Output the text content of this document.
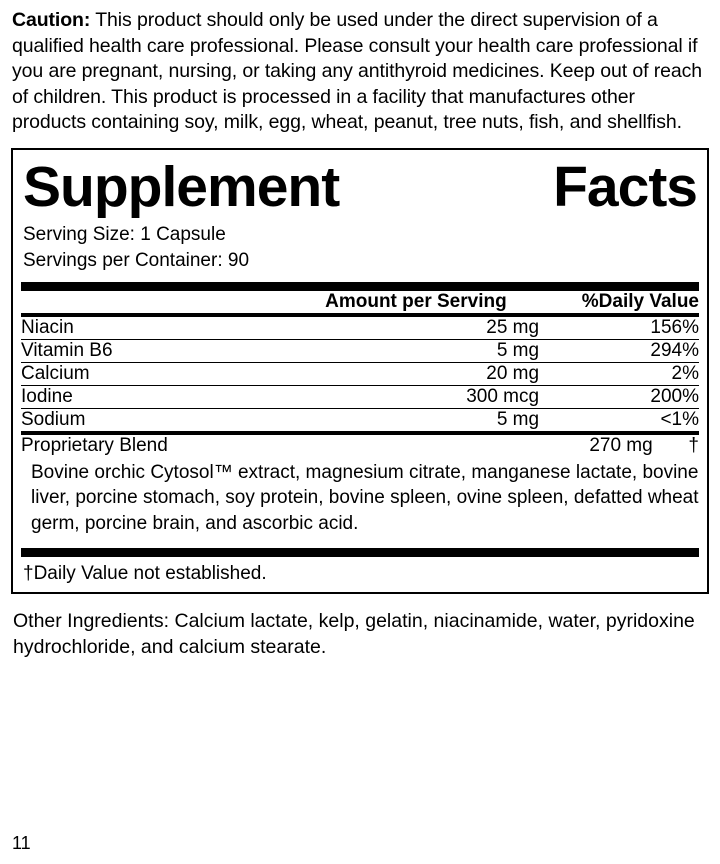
Caution: This product should only be used under the direct supervision of a qualified health care professional. Please consult your health care professional if you are pregnant, nursing, or taking any antithyroid medicines. Keep out of reach of children. This product is processed in a facility that manufactures other products containing soy, milk, egg, wheat, peanut, tree nuts, fish, and shellfish.

Supplement	Facts
Serving Size: 1 Capsule
Servings per Container: 90
	Amount per Serving	%Daily Value
Niacin	25 mg	156%
Vitamin B6	5 mg	294%
Calcium	20 mg	2%
Iodine	300 mcg	200%
Sodium	5 mg	<1%
Proprietary Blend	270 mg	†
Bovine orchic Cytosol™ extract, magnesium citrate, manganese lactate, bovine liver, porcine stomach, soy protein, bovine spleen, ovine spleen, defatted wheat germ, porcine brain, and ascorbic acid.
†Daily Value not established.

Other Ingredients: Calcium lactate, kelp, gelatin, niacinamide, water, pyridoxine hydrochloride, and calcium stearate.

11
